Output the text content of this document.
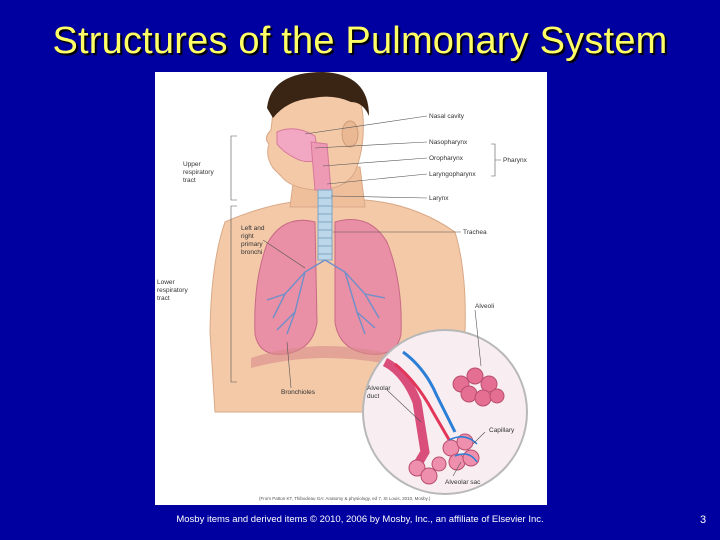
Structures of the Pulmonary System
Nasal cavity
Nasopharynx
Oropharynx
Laryngopharynx
Pharynx
Larynx
Trachea
Upper
respiratory
tract
Lower
respiratory
tract
Left and
right
primary
bronchi
Bronchioles
Alveoli
Alveolar
duct
Capillary
Alveolar sac
(From Patton KT, Thibodeau GA: Anatomy & physiology, ed 7, St Louis, 2010, Mosby.)
Mosby items and derived items © 2010, 2006 by Mosby, Inc., an affiliate of Elsevier Inc.	3
